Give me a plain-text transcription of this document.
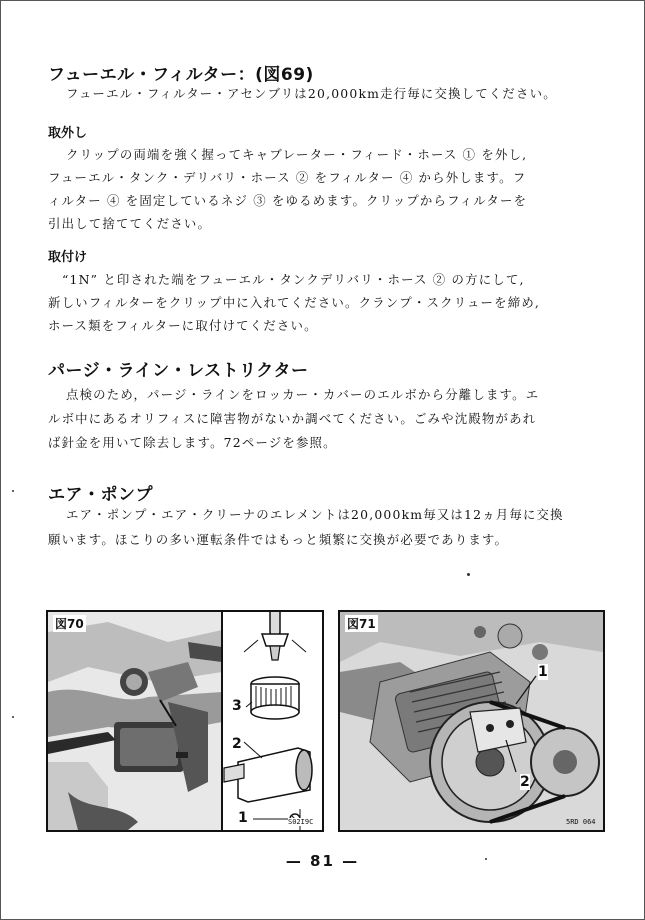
フューエル・フィルター：(図69)
フューエル・フィルター・アセンブリは20,000km走行毎に交換してください。
取外し
クリップの両端を強く握ってキャブレーター・フィード・ホース ① を外し,
フューエル・タンク・デリバリ・ホース ② をフィルター ④ から外します。フ
ィルター ④ を固定しているネジ ③ をゆるめます。クリップからフィルターを
引出して捨ててください。
取付け
“1N” と印された端をフューエル・タンクデリバリ・ホース ② の方にして,
新しいフィルターをクリップ中に入れてください。クランプ・スクリューを締め,
ホース類をフィルターに取付けてください。
パージ・ライン・レストリクター
点検のため，パージ・ラインをロッカー・カバーのエルボから分離します。エ
ルボ中にあるオリフィスに障害物がないか調べてください。ごみや沈殿物があれ
ば針金を用いて除去します。72ページを参照。
エア・ポンプ
エア・ポンプ・エア・クリーナのエレメントは20,000km毎又は12ヵ月毎に交換
願います。ほこりの多い運転条件ではもっと頻繁に交換が必要であります。
図70
3
2
1	S02I9C
図71
1
2
5RD 064
— 81 —
